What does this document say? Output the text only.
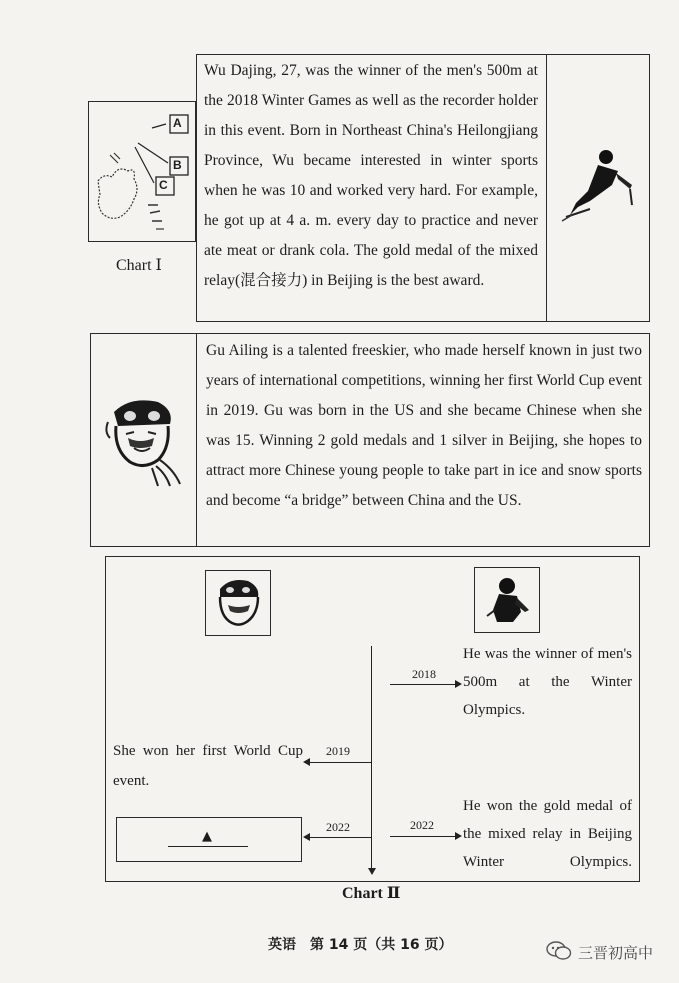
Wu Dajing, 27, was the winner of the men's 500m at the 2018 Winter Games as well as the recorder holder in this event. Born in Northeast China's Heilongjiang Province, Wu became interested in winter sports when he was 10 and worked very hard. For example, he got up at 4 a. m. every day to practice and never ate meat or drank cola. The gold medal of the mixed relay(混合接力) in Beijing is the best award.

A
B
C
Chart Ⅰ

Gu Ailing is a talented freeskier, who made herself known in just two years of international competitions, winning her first World Cup event in 2019. Gu was born in the US and she became Chinese when she was 15. Winning 2 gold medals and 1 silver in Beijing, she hopes to attract more Chinese young people to take part in ice and snow sports and become “a bridge” between China and the US.

2018

He was the winner of men's 500m at the Winter Olympics.

2019

She won her first World Cup event.

2022
▲
2022

He won the gold medal of the mixed relay in Beijing Winter Olympics.

Chart Ⅱ
英语　第 14 页（共 16 页）	三晋初高中
